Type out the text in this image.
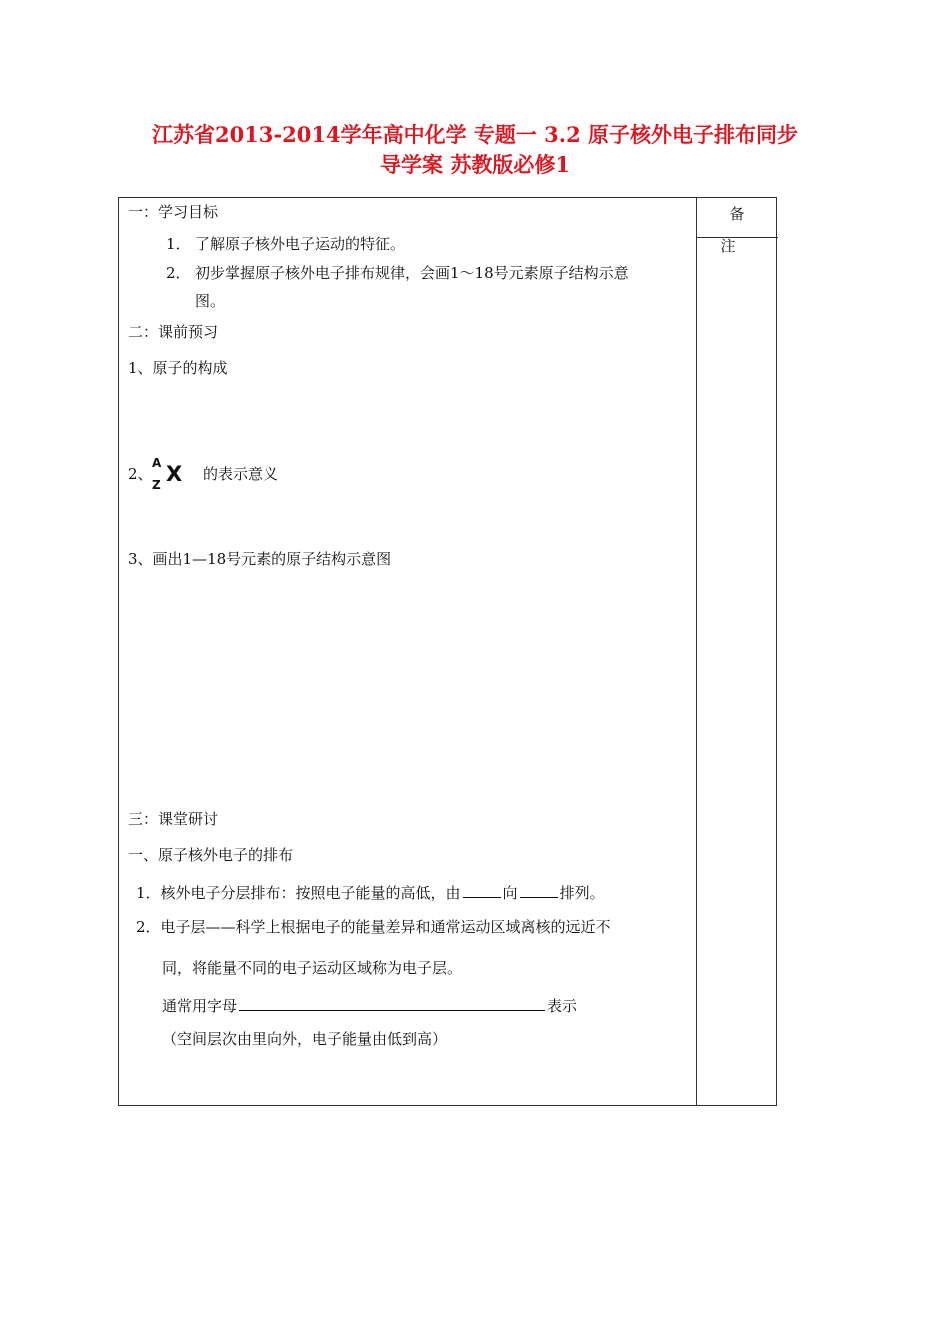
江苏省2013-2014学年高中化学 专题一 3.2 原子核外电子排布同步
导学案 苏教版必修1
备注
一：学习目标
1． 了解原子核外电子运动的特征。
2． 初步掌握原子核外电子排布规律，会画1～18号元素原子结构示意
图。
二：课前预习
1、原子的构成
2、
A
Z X 的表示意义
3、画出1—18号元素的原子结构示意图
三：课堂研讨
一、原子核外电子的排布
1．核外电子分层排布：按照电子能量的高低，由	向	排列。
2．电子层——科学上根据电子的能量差异和通常运动区域离核的远近不
同，将能量不同的电子运动区域称为电子层。
通常用字母	表示
（空间层次由里向外，电子能量由低到高）
